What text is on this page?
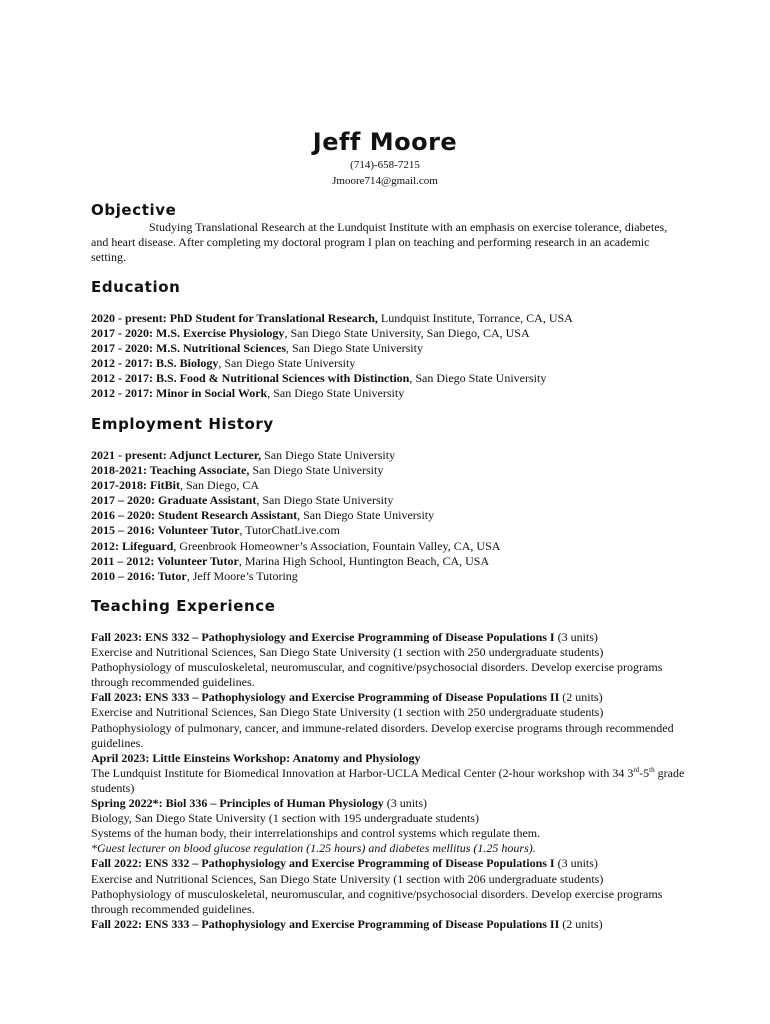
Jeff Moore
(714)-658-7215
Jmoore714@gmail.com
Objective
Studying Translational Research at the Lundquist Institute with an emphasis on exercise tolerance, diabetes, and heart disease. After completing my doctoral program I plan on teaching and performing research in an academic setting.
Education
2020 - present: PhD Student for Translational Research, Lundquist Institute, Torrance, CA, USA
2017 - 2020: M.S. Exercise Physiology, San Diego State University, San Diego, CA, USA
2017 - 2020: M.S. Nutritional Sciences, San Diego State University
2012 - 2017: B.S. Biology, San Diego State University
2012 - 2017: B.S. Food & Nutritional Sciences with Distinction, San Diego State University
2012 - 2017: Minor in Social Work, San Diego State University
Employment History
2021 - present: Adjunct Lecturer, San Diego State University
2018-2021: Teaching Associate, San Diego State University
2017-2018: FitBit, San Diego, CA
2017 – 2020: Graduate Assistant, San Diego State University
2016 – 2020: Student Research Assistant, San Diego State University
2015 – 2016: Volunteer Tutor, TutorChatLive.com
2012: Lifeguard, Greenbrook Homeowner’s Association, Fountain Valley, CA, USA
2011 – 2012: Volunteer Tutor, Marina High School, Huntington Beach, CA, USA
2010 – 2016: Tutor, Jeff Moore’s Tutoring
Teaching Experience
Fall 2023: ENS 332 – Pathophysiology and Exercise Programming of Disease Populations I (3 units)
Exercise and Nutritional Sciences, San Diego State University (1 section with 250 undergraduate students)
Pathophysiology of musculoskeletal, neuromuscular, and cognitive/psychosocial disorders. Develop exercise programs through recommended guidelines.
Fall 2023: ENS 333 – Pathophysiology and Exercise Programming of Disease Populations II (2 units)
Exercise and Nutritional Sciences, San Diego State University (1 section with 250 undergraduate students)
Pathophysiology of pulmonary, cancer, and immune-related disorders. Develop exercise programs through recommended guidelines.
April 2023: Little Einsteins Workshop: Anatomy and Physiology
The Lundquist Institute for Biomedical Innovation at Harbor-UCLA Medical Center (2-hour workshop with 34 3rd-5th grade students)
Spring 2022*: Biol 336 – Principles of Human Physiology (3 units)
Biology, San Diego State University (1 section with 195 undergraduate students)
Systems of the human body, their interrelationships and control systems which regulate them.
*Guest lecturer on blood glucose regulation (1.25 hours) and diabetes mellitus (1.25 hours).
Fall 2022: ENS 332 – Pathophysiology and Exercise Programming of Disease Populations I (3 units)
Exercise and Nutritional Sciences, San Diego State University (1 section with 206 undergraduate students)
Pathophysiology of musculoskeletal, neuromuscular, and cognitive/psychosocial disorders. Develop exercise programs through recommended guidelines.
Fall 2022: ENS 333 – Pathophysiology and Exercise Programming of Disease Populations II (2 units)
